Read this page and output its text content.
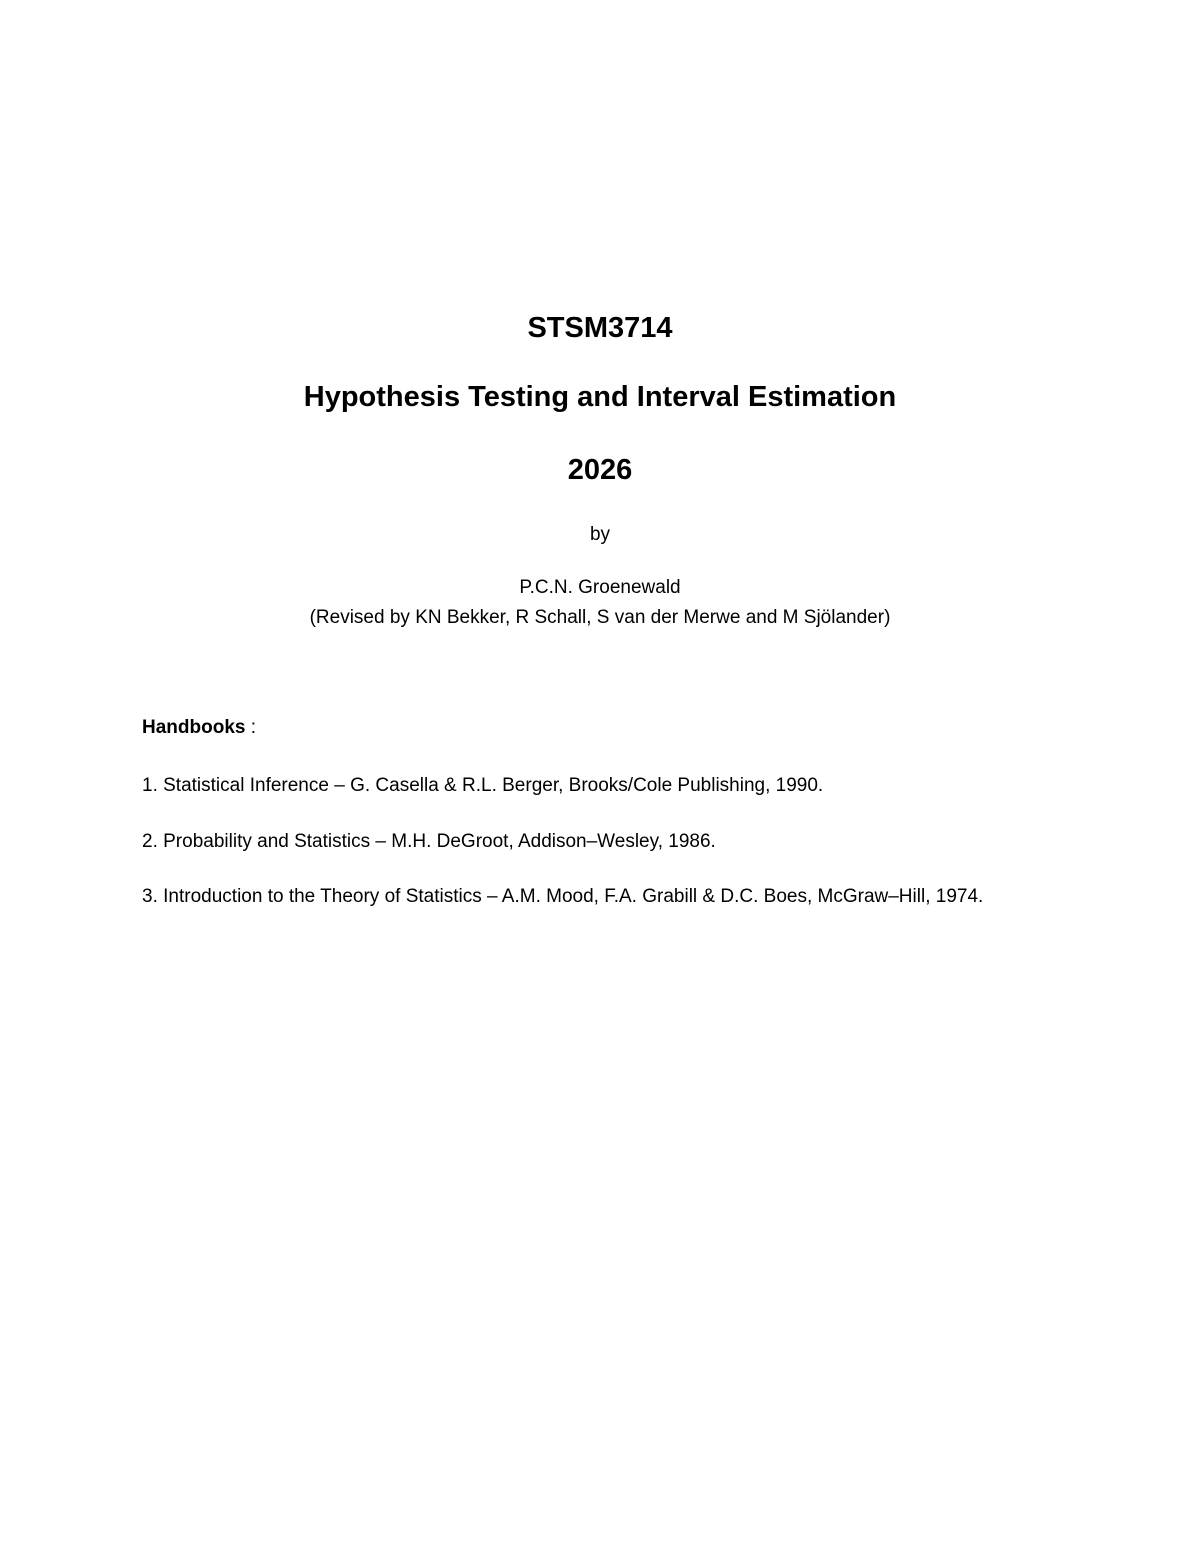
STSM3714
Hypothesis Testing and Interval Estimation
2026
by
P.C.N. Groenewald
(Revised by KN Bekker, R Schall, S van der Merwe and M Sjölander)
Handbooks :
1. Statistical Inference – G. Casella & R.L. Berger, Brooks/Cole Publishing, 1990.
2. Probability and Statistics – M.H. DeGroot, Addison–Wesley, 1986.
3. Introduction to the Theory of Statistics – A.M. Mood, F.A. Grabill & D.C. Boes, McGraw–Hill, 1974.
